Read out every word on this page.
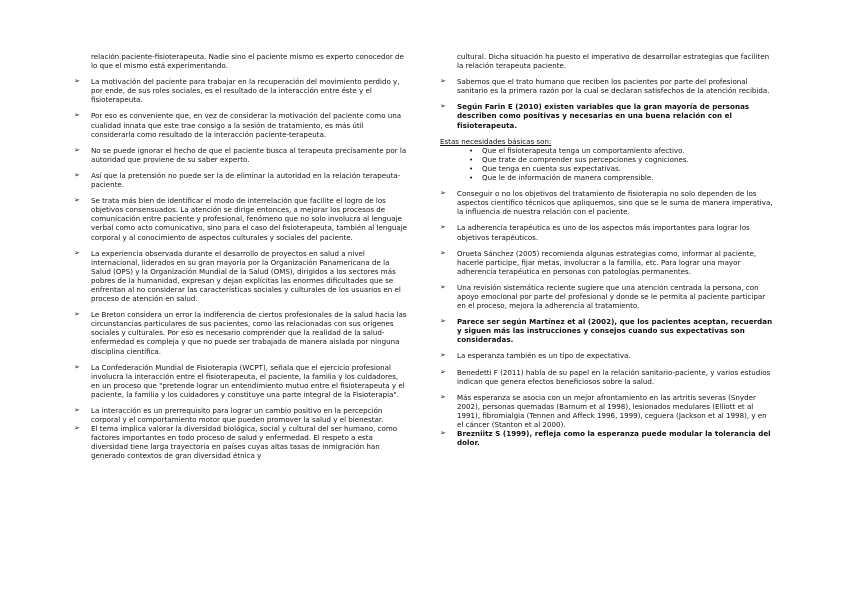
relación paciente-fisioterapeuta. Nadie sino el paciente mismo es experto conocedor de lo que el mismo está experimentando.
➢ La motivación del paciente para trabajar en la recuperación del movimiento perdido y, por ende, de sus roles sociales, es el resultado de la interacción entre éste y el fisioterapeuta.
➢ Por eso es conveniente que, en vez de considerar la motivación del paciente como una cualidad innata que este trae consigo a la sesión de tratamiento, es más útil considerarla como resultado de la interacción paciente-terapeuta.
➢ No se puede ignorar el hecho de que el paciente busca al terapeuta precisamente por la autoridad que proviene de su saber experto.
➢ Así que la pretensión no puede ser la de eliminar la autoridad en la relación terapeuta- paciente.
➢ Se trata más bien de identificar el modo de interrelación que facilite el logro de los objetivos consensuados. La atención se dirige entonces, a mejorar los procesos de comunicación entre paciente y profesional, fenómeno que no solo involucra al lenguaje verbal como acto comunicativo, sino para el caso del fisioterapeuta, también al lenguaje corporal y al conocimiento de aspectos culturales y sociales del paciente.
➢ La experiencia observada durante el desarrollo de proyectos en salud a nivel internacional, liderados en su gran mayoría por la Organización Panamericana de la Salud (OPS) y la Organización Mundial de la Salud (OMS), dirigidos a los sectores más pobres de la humanidad, expresan y dejan explícitas las enormes dificultades que se enfrentan al no considerar las características sociales y culturales de los usuarios en el proceso de atención en salud.
➢ Le Breton considera un error la indiferencia de ciertos profesionales de la salud hacia las circunstancias particulares de sus pacientes, como las relacionadas con sus orígenes sociales y culturales. Por eso es necesario comprender que la realidad de la salud-enfermedad es compleja y que no puede ser trabajada de manera aislada por ninguna disciplina científica.
➢ La Confederación Mundial de Fisioterapia (WCPT), señala que el ejercicio profesional involucra la interacción entre el fisioterapeuta, el paciente, la familia y los cuidadores, en un proceso que "pretende lograr un entendimiento mutuo entre el fisioterapeuta y el paciente, la familia y los cuidadores y constituye una parte integral de la Fisioterapia".
➢ La interacción es un prerrequisito para lograr un cambio positivo en la percepción corporal y el comportamiento motor que pueden promover la salud y el bienestar.
➢ El tema implica valorar la diversidad biológica, social y cultural del ser humano, como factores importantes en todo proceso de salud y enfermedad. El respeto a esta diversidad tiene larga trayectoria en países cuyas altas tasas de inmigración han generado contextos de gran diversidad étnica y
cultural. Dicha situación ha puesto el imperativo de desarrollar estrategias que faciliten la relación terapeuta paciente.
➢ Sabemos que el trato humano que reciben los pacientes por parte del profesional sanitario es la primera razón por la cual se declaran satisfechos de la atención recibida.
➢ Según Farin E (2010) existen variables que la gran mayoría de personas describen como positivas y necesarias en una buena relación con el fisioterapeuta.
Estas necesidades básicas son:
• Que el fisioterapeuta tenga un comportamiento afectivo.
• Que trate de comprender sus percepciones y cogniciones.
• Que tenga en cuenta sus expectativas.
• Que le de información de manera comprensible.
➢ Conseguir o no los objetivos del tratamiento de fisioterapia no solo dependen de los aspectos científico técnicos que apliquemos, sino que se le suma de manera imperativa, la influencia de nuestra relación con el paciente.
➢ La adherencia terapéutica es uno de los aspectos más importantes para lograr los objetivos terapéuticos.
➢ Orueta Sánchez (2005) recomienda algunas estrategias como, informar al paciente, hacerle participe, fijar metas, involucrar a la familia, etc. Para lograr una mayor adherencia terapéutica en personas con patologías permanentes.
➢ Una revisión sistemática reciente sugiere que una atención centrada la persona, con apoyo emocional por parte del profesional y donde se le permita al paciente participar en el proceso, mejora la adherencia al tratamiento.
➢ Parece ser según Martínez et al (2002), que los pacientes aceptan, recuerdan y siguen más las instrucciones y consejos cuando sus expectativas son consideradas.
➢ La esperanza también es un tipo de expectativa.
➢ Benedetti F (2011) habla de su papel en la relación sanitario-paciente, y varios estudios indican que genera efectos beneficiosos sobre la salud.
➢ Más esperanza se asocia con un mejor afrontamiento en las artritis severas (Snyder 2002), personas quemadas (Barnum et al 1998), lesionados medulares (Elliott et al 1991), fibromialgia (Tennen and Affeck 1996, 1999), ceguera (Jackson et al 1998), y en el cáncer (Stanton et al 2000).
➢ Brezniitz S (1999), refleja como la esperanza puede modular la tolerancia del dolor.
